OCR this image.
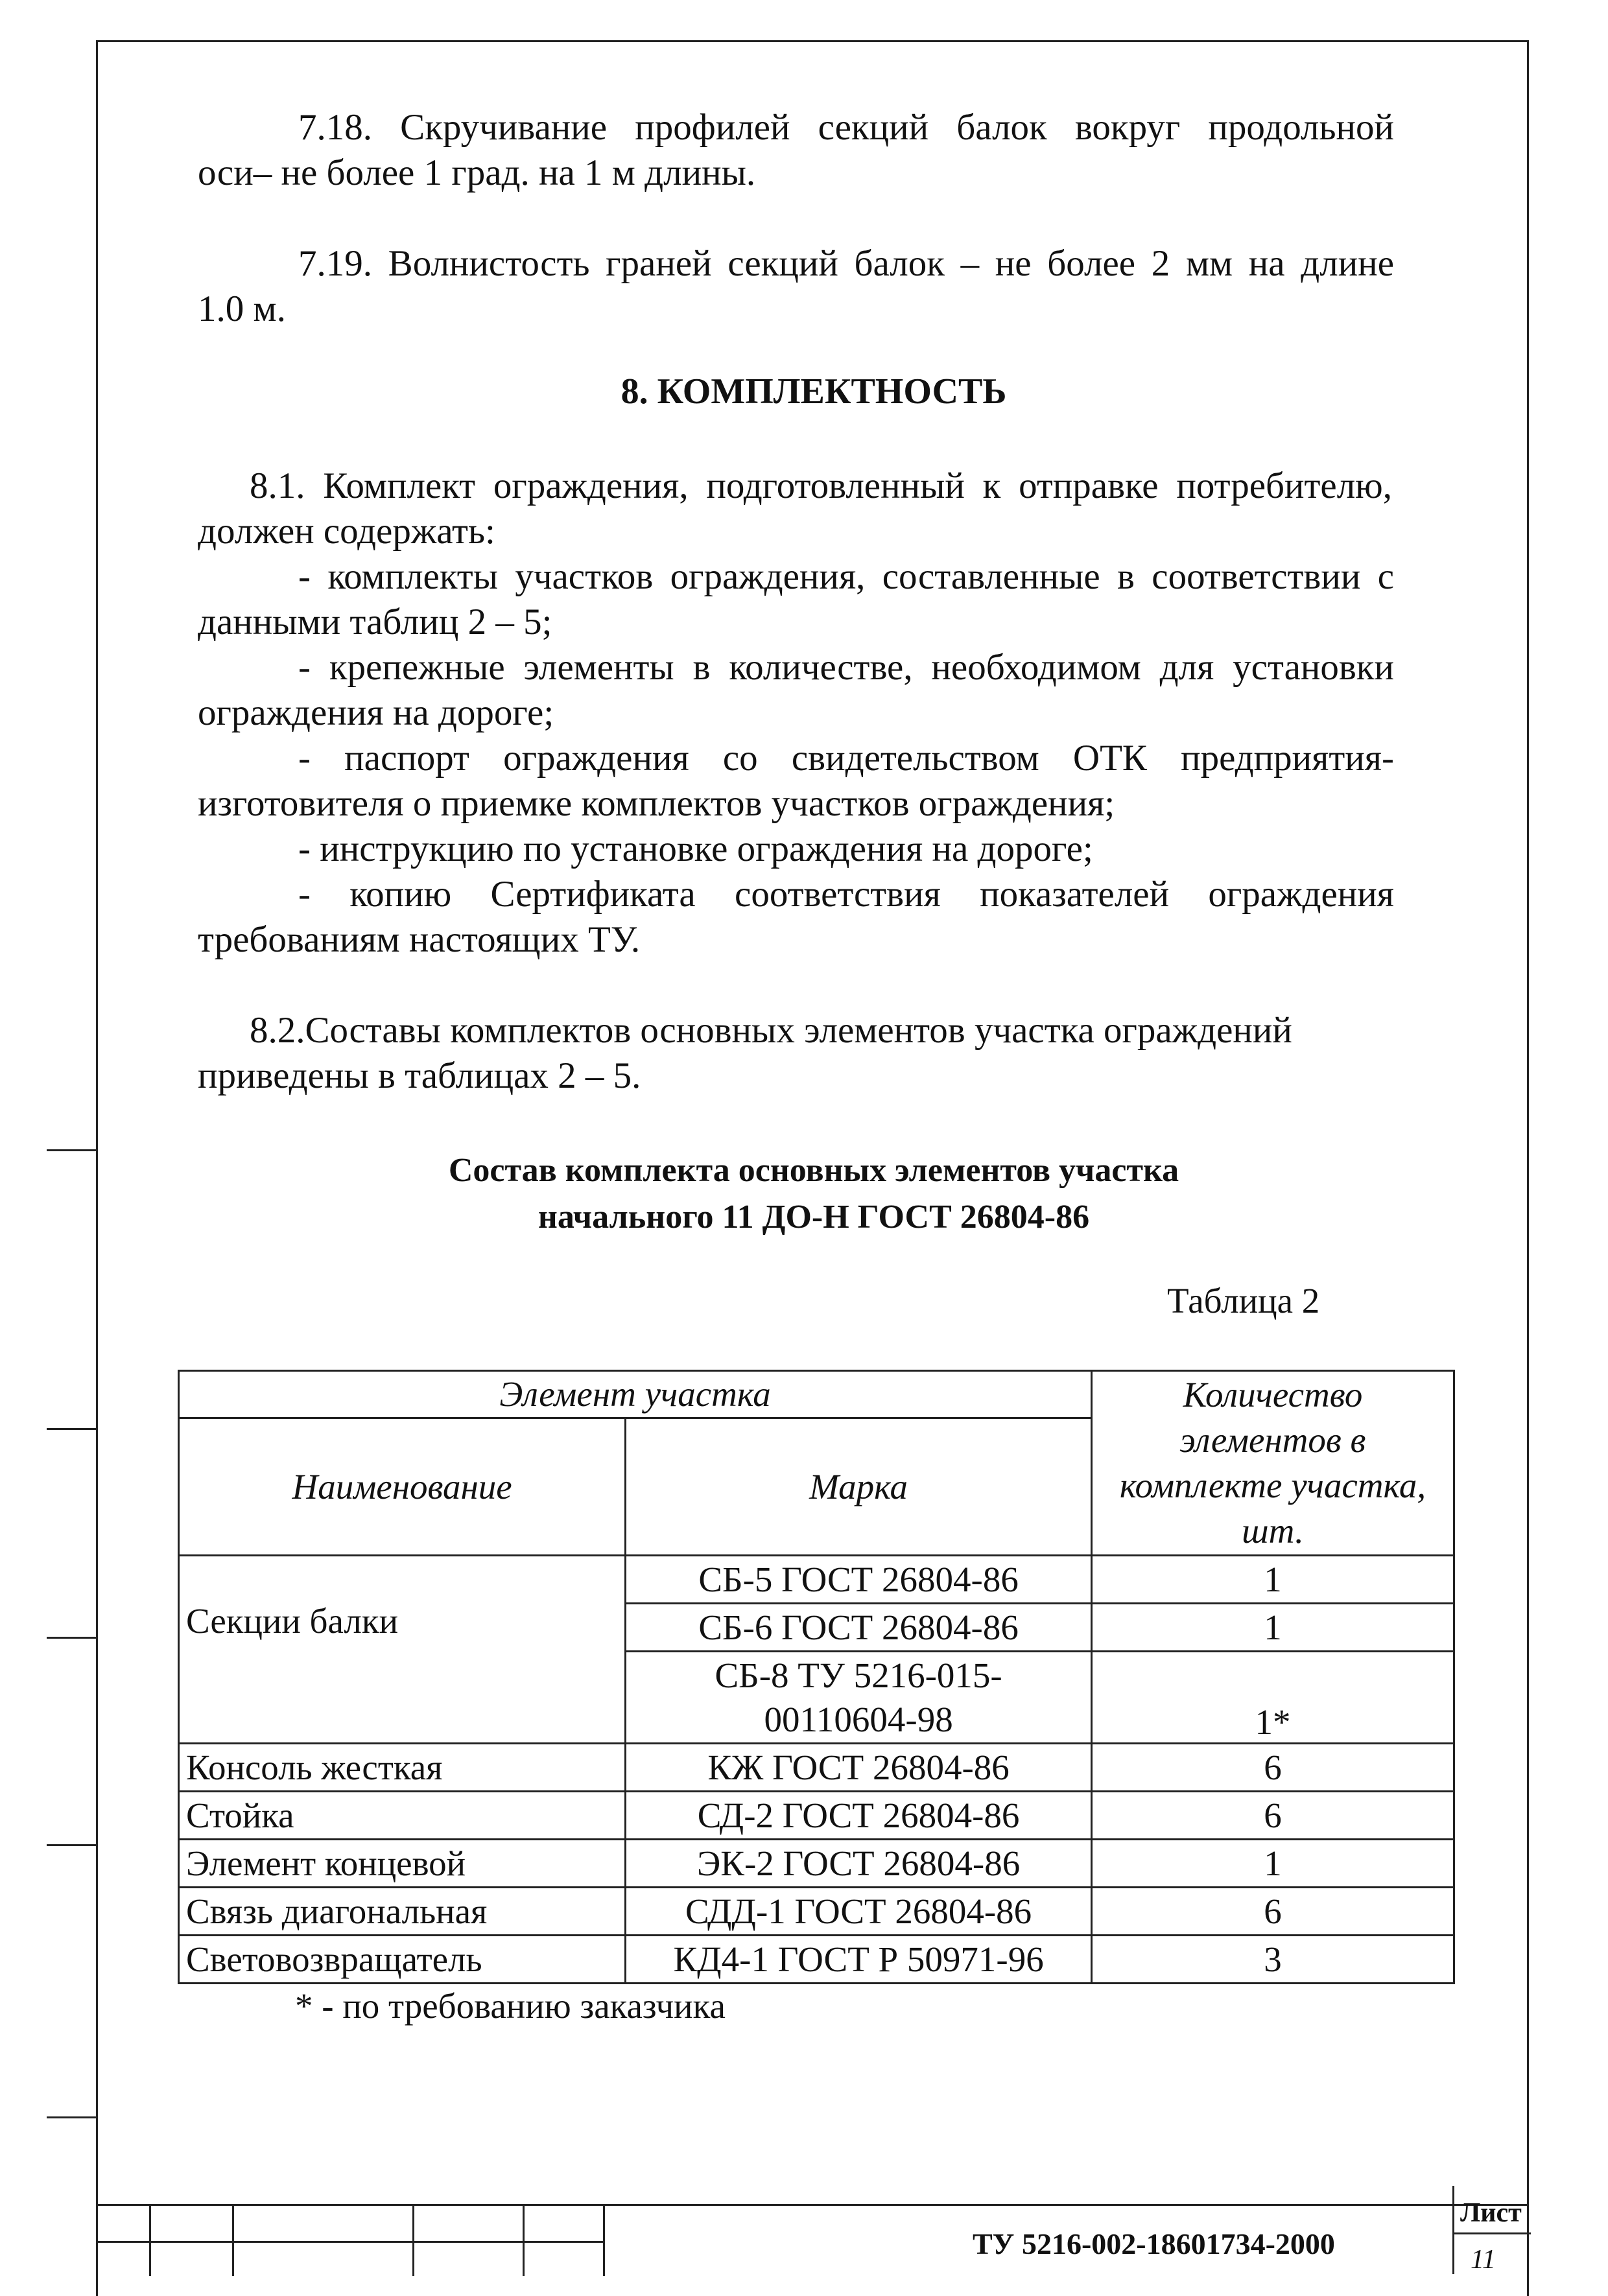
7.18. Скручивание профилей секций балок вокруг продольной

оси– не более 1 град. на 1 м длины.

7.19. Волнистость граней секций балок – не более 2 мм на длине

1.0 м.

8. КОМПЛЕКТНОСТЬ

8.1. Комплект ограждения, подготовленный к отправке потребителю,

должен содержать:

- комплекты участков ограждения, составленные в соответствии с

данными таблиц 2 – 5;

- крепежные элементы в количестве, необходимом для установки

ограждения на дороге;

- паспорт ограждения со свидетельством ОТК предприятия-

изготовителя о приемке комплектов участков ограждения;

- инструкцию по установке ограждения на дороге;

- копию Сертификата соответствия показателей ограждения

требованиям настоящих ТУ.

8.2.Составы комплектов основных элементов участка ограждений

приведены в таблицах 2 – 5.

Состав комплекта основных элементов участка

начального 11 ДО-Н ГОСТ 26804-86

Таблица 2

Элемент участка		Количество элементов в комплекте участка, шт.
Наименование	Марка	
Секции балки	СБ-5 ГОСТ 26804-86	1
	СБ-6 ГОСТ 26804-86	1
	СБ-8 ТУ 5216-015-00110604-98	1*
Консоль жесткая	КЖ ГОСТ 26804-86	6
Стойка	СД-2 ГОСТ 26804-86	6
Элемент концевой	ЭК-2 ГОСТ 26804-86	1
Связь диагональная	СДД-1 ГОСТ 26804-86	6
Световозвращатель	КД4-1 ГОСТ Р 50971-96	3

* - по требованию заказчика

ТУ 5216-002-18601734-2000

Лист

11
